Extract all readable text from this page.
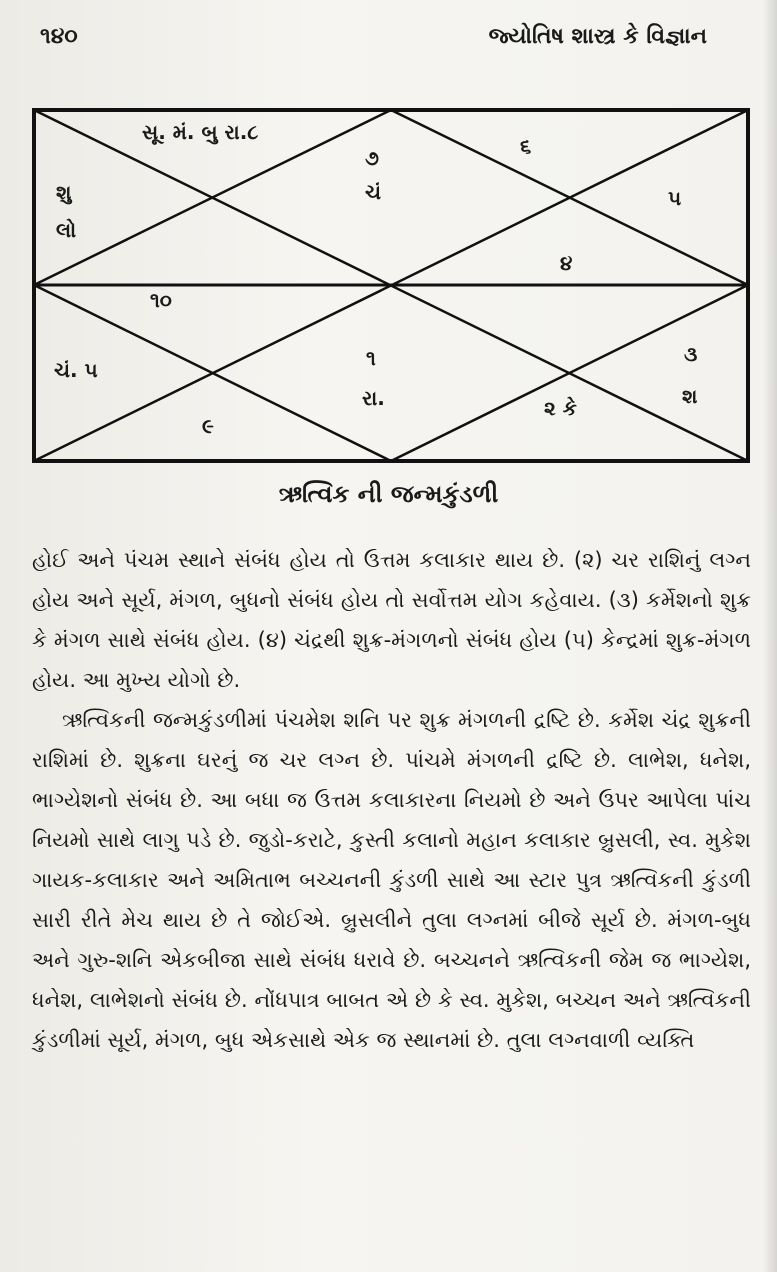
૧૪૦	જ્યોતિષ શાસ્ત્ર કે વિજ્ઞાન
સૂ. મં. બુ રા.૮
૭
ચં
૬
૫
શુ
લો
૪
૧૦
ચં. ૫	૧
રા.
૩
શ
૨ કે
૯
ઋત્વિક ની જન્મકુંડળી

હોઈ અને પંચમ સ્થાને સંબંધ હોય તો ઉત્તમ કલાકાર થાય છે. (૨) ચર રાશિનું લગ્ન હોય અને સૂર્ય, મંગળ, બુધનો સંબંધ હોય તો સર્વોત્તમ યોગ કહેવાય. (૩) કર્મેશનો શુક્ર કે મંગળ સાથે સંબંધ હોય. (૪) ચંદ્રથી શુક્ર-મંગળનો સંબંધ હોય (૫) કેન્દ્રમાં શુક્ર-મંગળ હોય. આ મુખ્ય યોગો છે.

ઋત્વિકની જન્મકુંડળીમાં પંચમેશ શનિ પર શુક્ર મંગળની દ્રષ્ટિ છે. કર્મેશ ચંદ્ર શુક્રની રાશિમાં છે. શુક્રના ઘરનું જ ચર લગ્ન છે. પાંચમે મંગળની દ્રષ્ટિ છે. લાભેશ, ધનેશ, ભાગ્યેશનો સંબંધ છે. આ બધા જ ઉત્તમ કલાકારના નિયમો છે અને ઉપર આપેલા પાંચ નિયમો સાથે લાગુ પડે છે. જુડો-કરાટે, કુસ્તી કલાનો મહાન કલાકાર બ્રુસલી, સ્વ. મુકેશ ગાયક-કલાકાર અને અમિતાભ બચ્ચનની કુંડળી સાથે આ સ્ટાર પુત્ર ઋત્વિકની કુંડળી સારી રીતે મેચ થાય છે તે જોઈએ. બ્રુસલીને તુલા લગ્નમાં બીજે સૂર્ય છે. મંગળ-બુધ અને ગુરુ-શનિ એકબીજા સાથે સંબંધ ધરાવે છે. બચ્ચનને ઋત્વિકની જેમ જ ભાગ્યેશ, ધનેશ, લાભેશનો સંબંધ છે. નોંધપાત્ર બાબત એ છે કે સ્વ. મુકેશ, બચ્ચન અને ઋત્વિકની કુંડળીમાં સૂર્ય, મંગળ, બુધ એકસાથે એક જ સ્થાનમાં છે. તુલા લગ્નવાળી વ્યક્તિ
